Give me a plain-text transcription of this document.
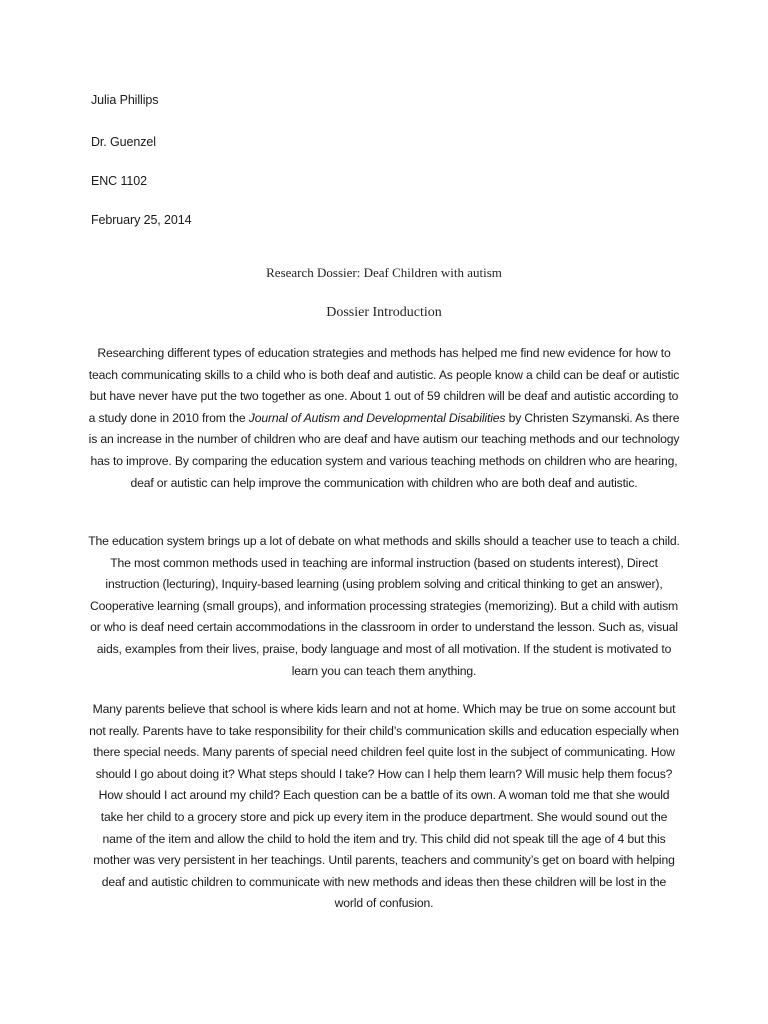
Julia Phillips

Dr. Guenzel

ENC 1102

February 25, 2014

Research Dossier: Deaf Children with autism

Dossier Introduction

Researching different types of education strategies and methods has helped me find new evidence for how to teach communicating skills to a child who is both deaf and autistic. As people know a child can be deaf or autistic but have never have put the two together as one. About 1 out of 59 children will be deaf and autistic according to a study done in 2010 from the Journal of Autism and Developmental Disabilities by Christen Szymanski. As there is an increase in the number of children who are deaf and have autism our teaching methods and our technology has to improve. By comparing the education system and various teaching methods on children who are hearing, deaf or autistic can help improve the communication with children who are both deaf and autistic.

The education system brings up a lot of debate on what methods and skills should a teacher use to teach a child. The most common methods used in teaching are informal instruction (based on students interest), Direct instruction (lecturing), Inquiry-based learning (using problem solving and critical thinking to get an answer), Cooperative learning (small groups), and information processing strategies (memorizing). But a child with autism or who is deaf need certain accommodations in the classroom in order to understand the lesson. Such as, visual aids, examples from their lives, praise, body language and most of all motivation. If the student is motivated to learn you can teach them anything.

Many parents believe that school is where kids learn and not at home. Which may be true on some account but not really. Parents have to take responsibility for their child’s communication skills and education especially when there special needs. Many parents of special need children feel quite lost in the subject of communicating. How should I go about doing it? What steps should I take? How can I help them learn? Will music help them focus? How should I act around my child? Each question can be a battle of its own. A woman told me that she would take her child to a grocery store and pick up every item in the produce department. She would sound out the name of the item and allow the child to hold the item and try. This child did not speak till the age of 4 but this mother was very persistent in her teachings. Until parents, teachers and community’s get on board with helping deaf and autistic children to communicate with new methods and ideas then these children will be lost in the world of confusion.
